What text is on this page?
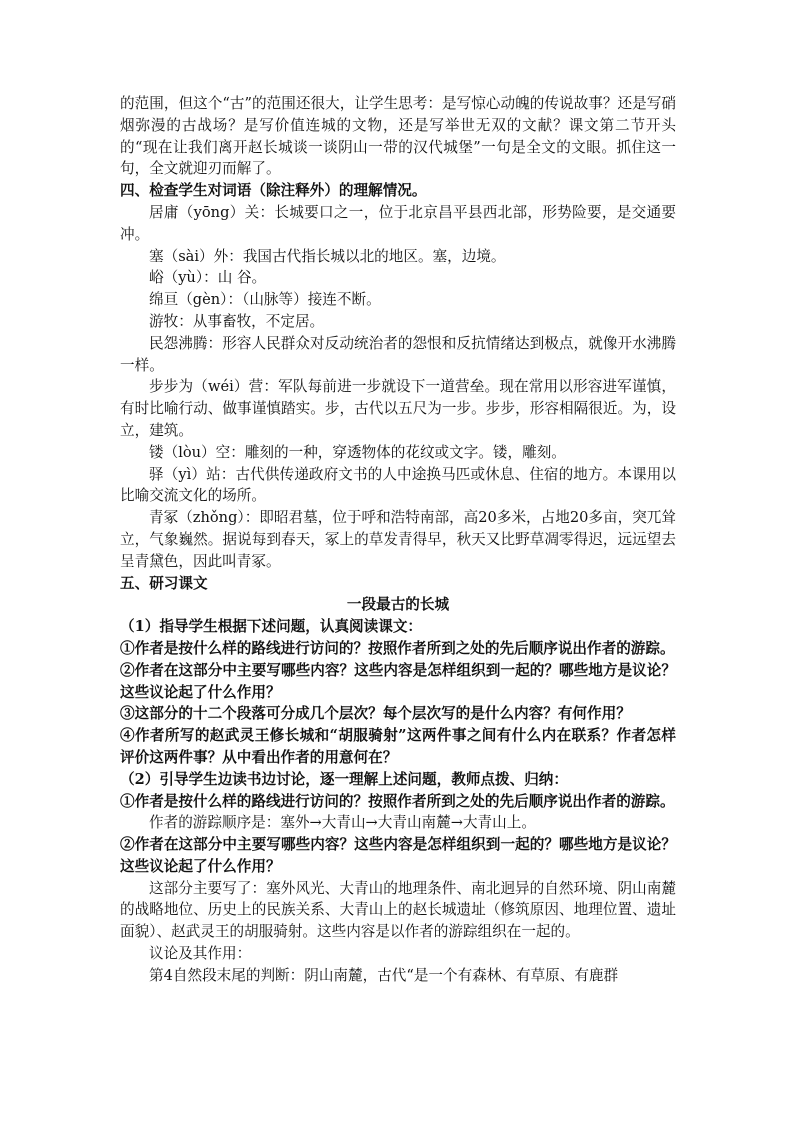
的范围，但这个“古”的范围还很大，让学生思考：是写惊心动魄的传说故事？还是写硝烟弥漫的古战场？是写价值连城的文物，还是写举世无双的文献？课文第二节开头的“现在让我们离开赵长城谈一谈阴山一带的汉代城堡”一句是全文的文眼。抓住这一句，全文就迎刃而解了。

四、检查学生对词语（除注释外）的理解情况。

居庸（yōng）关：长城要口之一，位于北京昌平县西北部，形势险要，是交通要冲。

塞（sài）外：我国古代指长城以北的地区。塞，边境。

峪（yù）：山 谷。

绵亘（gèn）：（山脉等）接连不断。

游牧：从事畜牧，不定居。

民怨沸腾：形容人民群众对反动统治者的怨恨和反抗情绪达到极点，就像开水沸腾一样。

步步为（wéi）营：军队每前进一步就设下一道营垒。现在常用以形容进军谨慎，有时比喻行动、做事谨慎踏实。步，古代以五尺为一步。步步，形容相隔很近。为，设立，建筑。

镂（lòu）空：雕刻的一种，穿透物体的花纹或文字。镂，雕刻。

驿（yì）站：古代供传递政府文书的人中途换马匹或休息、住宿的地方。本课用以比喻交流文化的场所。

青冢（zhǒng）：即昭君墓，位于呼和浩特南部，高20多米，占地20多亩，突兀耸立，气象巍然。据说每到春天，冢上的草发青得早，秋天又比野草凋零得迟，远远望去呈青黛色，因此叫青冢。

五、研习课文

一段最古的长城

（1）指导学生根据下述问题，认真阅读课文：

①作者是按什么样的路线进行访问的？按照作者所到之处的先后顺序说出作者的游踪。

②作者在这部分中主要写哪些内容？这些内容是怎样组织到一起的？哪些地方是议论？这些议论起了什么作用？

③这部分的十二个段落可分成几个层次？每个层次写的是什么内容？有何作用？

④作者所写的赵武灵王修长城和“胡服骑射”这两件事之间有什么内在联系？作者怎样评价这两件事？从中看出作者的用意何在？

（2）引导学生边读书边讨论，逐一理解上述问题，教师点拨、归纳：

①作者是按什么样的路线进行访问的？按照作者所到之处的先后顺序说出作者的游踪。

作者的游踪顺序是：塞外→大青山→大青山南麓→大青山上。

②作者在这部分中主要写哪些内容？这些内容是怎样组织到一起的？哪些地方是议论？这些议论起了什么作用？

这部分主要写了：塞外风光、大青山的地理条件、南北迥异的自然环境、阴山南麓的战略地位、历史上的民族关系、大青山上的赵长城遗址（修筑原因、地理位置、遗址面貌）、赵武灵王的胡服骑射。这些内容是以作者的游踪组织在一起的。

议论及其作用：

第4自然段末尾的判断：阴山南麓，古代“是一个有森林、有草原、有鹿群
